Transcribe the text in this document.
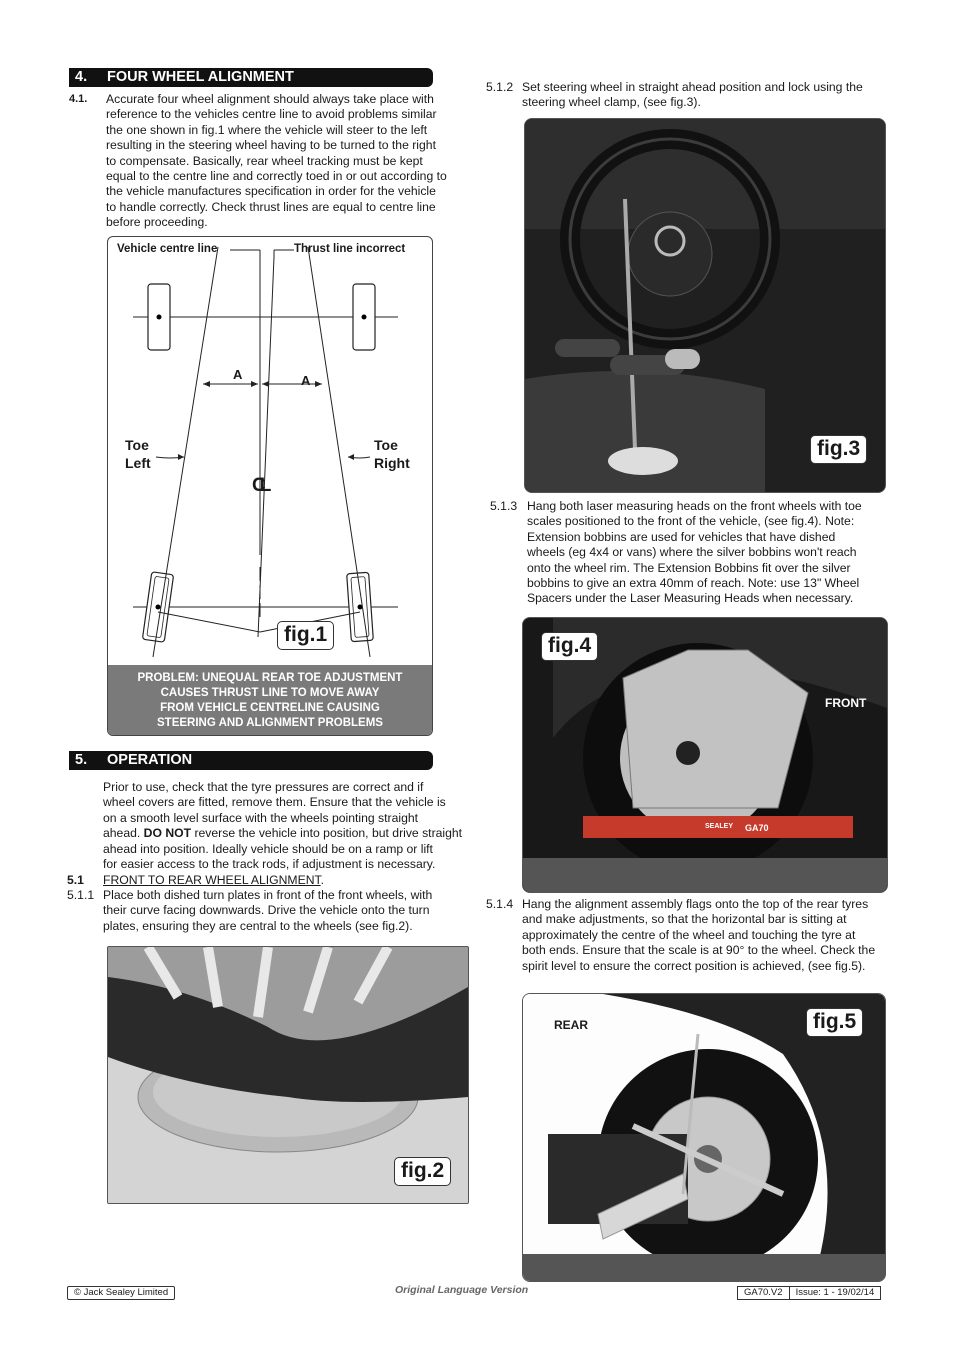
4. FOUR WHEEL ALIGNMENT
4.1. Accurate four wheel alignment should always take place with
reference to the vehicles centre line to avoid problems similar
the one shown in fig.1 where the vehicle will steer to the left
resulting in the steering wheel having to be turned to the right
to compensate. Basically, rear wheel tracking must be kept
equal to the centre line and correctly toed in or out according to
the vehicle manufactures specification in order for the vehicle
to handle correctly. Check thrust lines are equal to centre line
before proceeding.
Vehicle centre line	Thrust line incorrect
A	A
Toe
Left
Toe
Right
CL
fig.1
PROBLEM: UNEQUAL REAR TOE ADJUSTMENT
CAUSES THRUST LINE TO MOVE AWAY
FROM VEHICLE CENTRELINE CAUSING
STEERING AND ALIGNMENT PROBLEMS
5. OPERATION
Prior to use, check that the tyre pressures are correct and if
wheel covers are fitted, remove them. Ensure that the vehicle is
on a smooth level surface with the wheels pointing straight
ahead. DO NOT reverse the vehicle into position, but drive straight
ahead into position. Ideally vehicle should be on a ramp or lift
for easier access to the track rods, if adjustment is necessary.
5.1 FRONT TO REAR WHEEL ALIGNMENT.
5.1.1 Place both dished turn plates in front of the front wheels, with
their curve facing downwards. Drive the vehicle onto the turn
plates, ensuring they are central to the wheels (see fig.2).
fig.2
5.1.2 Set steering wheel in straight ahead position and lock using the
steering wheel clamp, (see fig.3).
fig.3
5.1.3 Hang both laser measuring heads on the front wheels with toe
scales positioned to the front of the vehicle, (see fig.4). Note:
Extension bobbins are used for vehicles that have dished
wheels (eg 4x4 or vans) where the silver bobbins won't reach
onto the wheel rim. The Extension Bobbins fit over the silver
bobbins to give an extra 40mm of reach. Note: use 13" Wheel
Spacers under the Laser Measuring Heads when necessary.
fig.4
FRONT
SEALEY GA70
5.1.4 Hang the alignment assembly flags onto the top of the rear tyres
and make adjustments, so that the horizontal bar is sitting at
approximately the centre of the wheel and touching the tyre at
both ends. Ensure that the scale is at 90° to the wheel. Check the
spirit level to ensure the correct position is achieved, (see fig.5).
REAR	fig.5
© Jack Sealey Limited	Original Language Version	GA70.V2	Issue: 1 - 19/02/14
